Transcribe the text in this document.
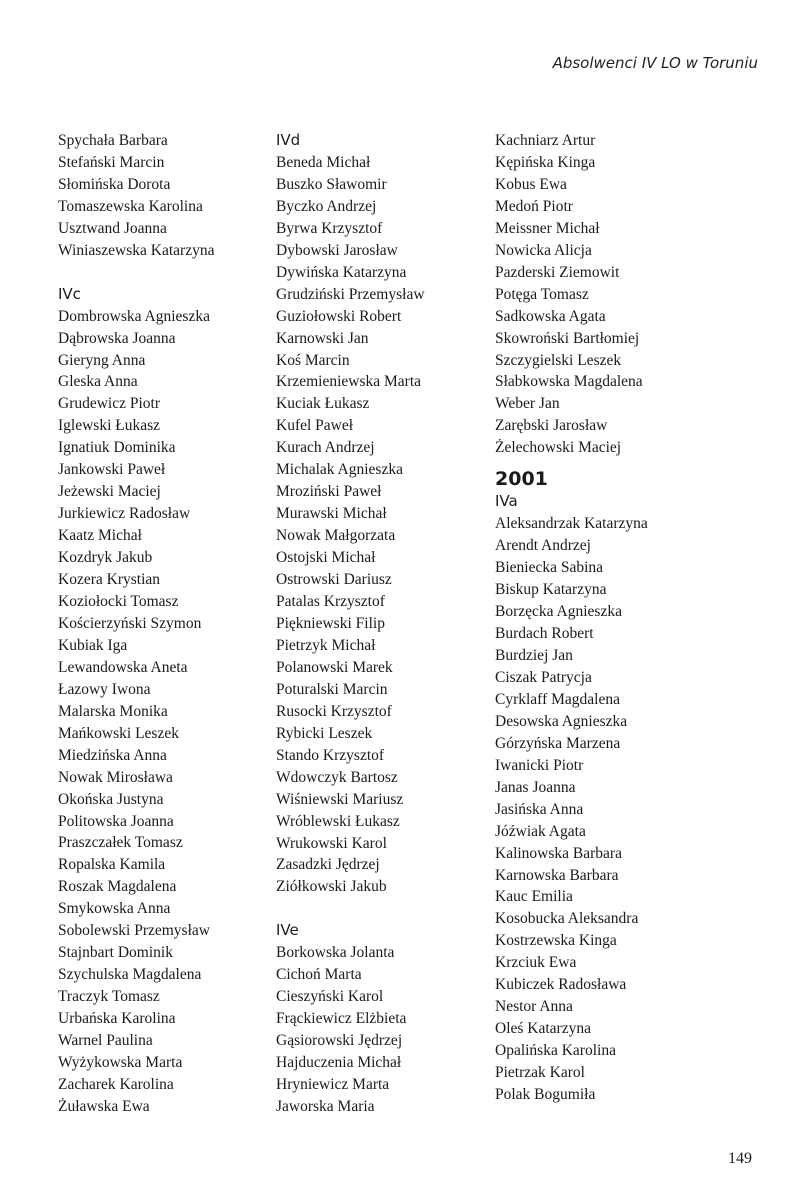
Absolwenci IV LO w Toruniu
Spychała Barbara
Stefański Marcin
Słomińska Dorota
Tomaszewska Karolina
Usztwand Joanna
Winiaszewska Katarzyna
IVc
Dombrowska Agnieszka
Dąbrowska Joanna
Gieryng Anna
Gleska Anna
Grudewicz Piotr
Iglewski Łukasz
Ignatiuk Dominika
Jankowski Paweł
Jeżewski Maciej
Jurkiewicz Radosław
Kaatz Michał
Kozdryk Jakub
Kozera Krystian
Koziołocki Tomasz
Kościerzyński Szymon
Kubiak Iga
Lewandowska Aneta
Łazowy Iwona
Malarska Monika
Mańkowski Leszek
Miedzińska Anna
Nowak Mirosława
Okońska Justyna
Politowska Joanna
Praszczałek Tomasz
Ropalska Kamila
Roszak Magdalena
Smykowska Anna
Sobolewski Przemysław
Stajnbart Dominik
Szychulska Magdalena
Traczyk Tomasz
Urbańska Karolina
Warnel Paulina
Wyżykowska Marta
Zacharek Karolina
Żuławska Ewa
IVd
Beneda Michał
Buszko Sławomir
Byczko Andrzej
Byrwa Krzysztof
Dybowski Jarosław
Dywińska Katarzyna
Grudziński Przemysław
Guziołowski Robert
Karnowski Jan
Koś Marcin
Krzemieniewska Marta
Kuciak Łukasz
Kufel Paweł
Kurach Andrzej
Michalak Agnieszka
Mroziński Paweł
Murawski Michał
Nowak Małgorzata
Ostojski Michał
Ostrowski Dariusz
Patalas Krzysztof
Piękniewski Filip
Pietrzyk Michał
Polanowski Marek
Poturalski Marcin
Rusocki Krzysztof
Rybicki Leszek
Stando Krzysztof
Wdowczyk Bartosz
Wiśniewski Mariusz
Wróblewski Łukasz
Wrukowski Karol
Zasadzki Jędrzej
Ziółkowski Jakub
IVe
Borkowska Jolanta
Cichoń Marta
Cieszyński Karol
Frąckiewicz Elżbieta
Gąsiorowski Jędrzej
Hajduczenia Michał
Hryniewicz Marta
Jaworska Maria
Kachniarz Artur
Kępińska Kinga
Kobus Ewa
Medoń Piotr
Meissner Michał
Nowicka Alicja
Pazderski Ziemowit
Potęga Tomasz
Sadkowska Agata
Skowroński Bartłomiej
Szczygielski Leszek
Słabkowska Magdalena
Weber Jan
Zarębski Jarosław
Żelechowski Maciej
2001
IVa
Aleksandrzak Katarzyna
Arendt Andrzej
Bieniecka Sabina
Biskup Katarzyna
Borzęcka Agnieszka
Burdach Robert
Burdziej Jan
Ciszak Patrycja
Cyrklaff Magdalena
Desowska Agnieszka
Górzyńska Marzena
Iwanicki Piotr
Janas Joanna
Jasińska Anna
Jóźwiak Agata
Kalinowska Barbara
Karnowska Barbara
Kauc Emilia
Kosobucka Aleksandra
Kostrzewska Kinga
Krzciuk Ewa
Kubiczek Radosława
Nestor Anna
Oleś Katarzyna
Opalińska Karolina
Pietrzak Karol
Polak Bogumiła
149
